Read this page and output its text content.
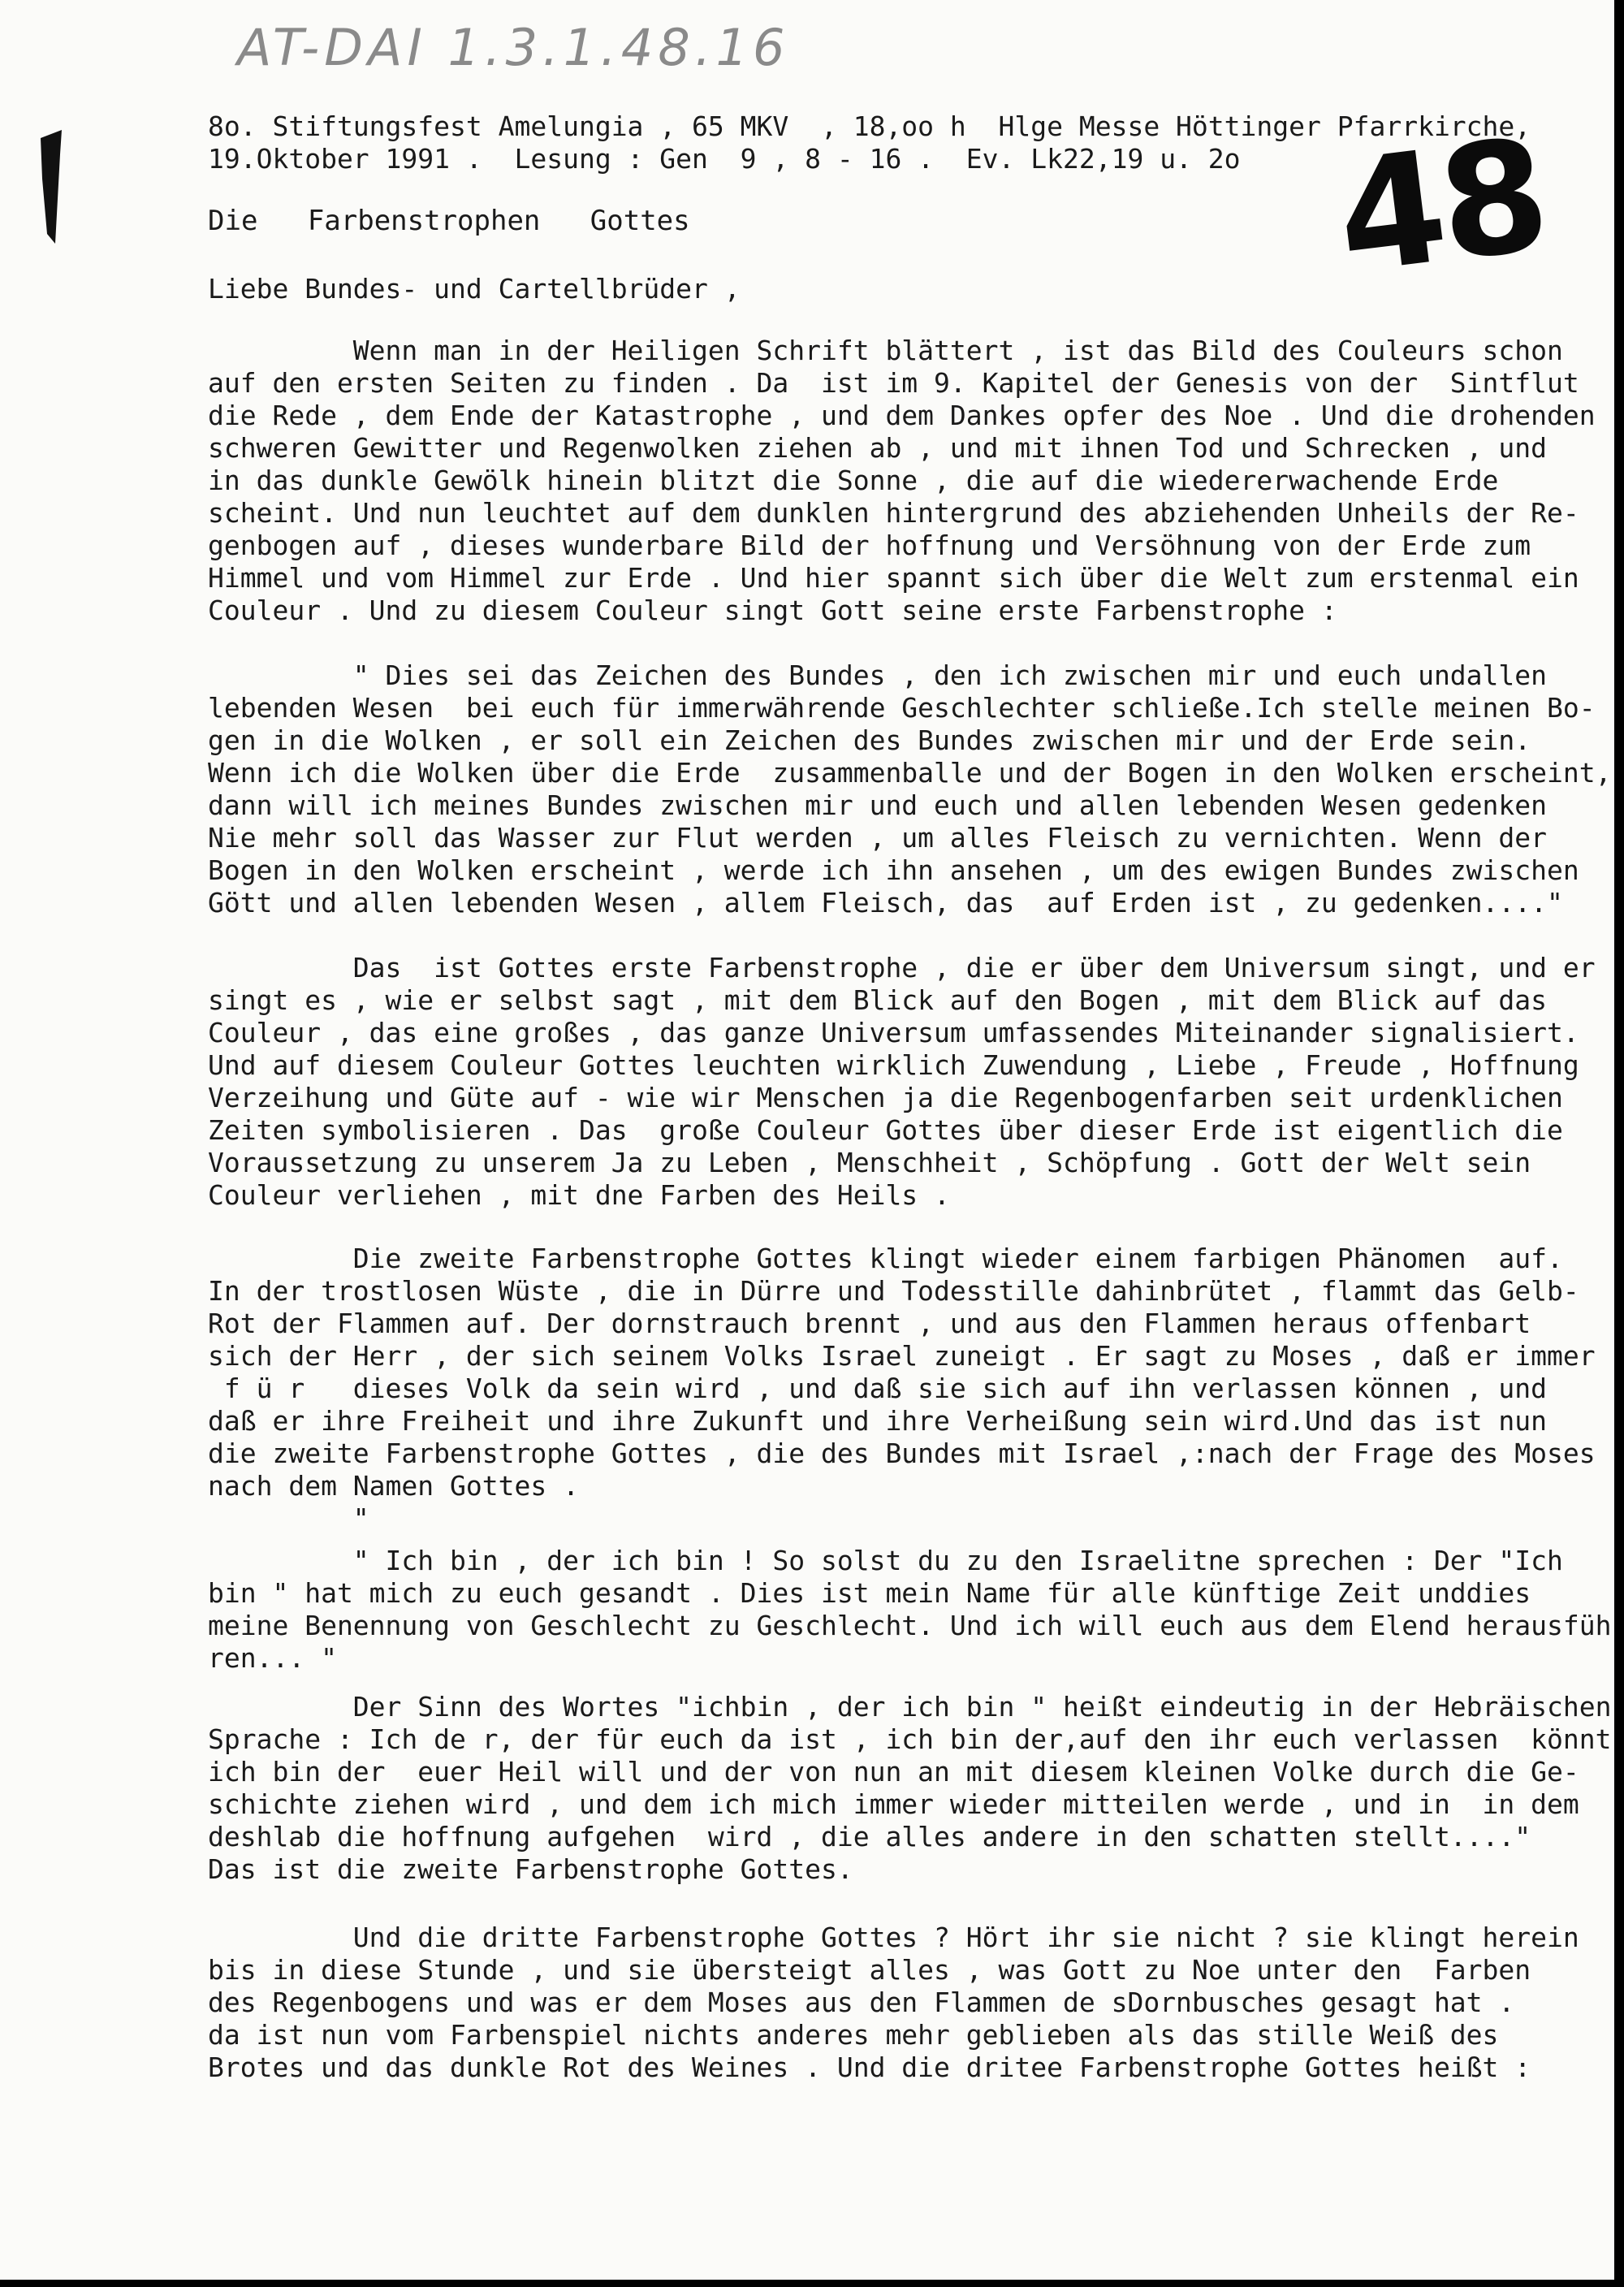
AT-DAI 1.3.1.48.16
48
8o. Stiftungsfest Amelungia , 65 MKV  , 18,oo h  Hlge Messe Höttinger Pfarrkirche,
19.Oktober 1991 .  Lesung : Gen  9 , 8 - 16 .  Ev. Lk22,19 u. 2o
Die   Farbenstrophen   Gottes
Liebe Bundes- und Cartellbrüder ,
Wenn man in der Heiligen Schrift blättert , ist das Bild des Couleurs schon
auf den ersten Seiten zu finden . Da  ist im 9. Kapitel der Genesis von der  Sintflut
die Rede , dem Ende der Katastrophe , und dem Dankes opfer des Noe . Und die drohenden
schweren Gewitter und Regenwolken ziehen ab , und mit ihnen Tod und Schrecken , und
in das dunkle Gewölk hinein blitzt die Sonne , die auf die wiedererwachende Erde
scheint. Und nun leuchtet auf dem dunklen hintergrund des abziehenden Unheils der Re-
genbogen auf , dieses wunderbare Bild der hoffnung und Versöhnung von der Erde zum
Himmel und vom Himmel zur Erde . Und hier spannt sich über die Welt zum erstenmal ein
Couleur . Und zu diesem Couleur singt Gott seine erste Farbenstrophe :
" Dies sei das Zeichen des Bundes , den ich zwischen mir und euch undallen
lebenden Wesen  bei euch für immerwährende Geschlechter schließe.Ich stelle meinen Bo-
gen in die Wolken , er soll ein Zeichen des Bundes zwischen mir und der Erde sein.
Wenn ich die Wolken über die Erde  zusammenballe und der Bogen in den Wolken erscheint,
dann will ich meines Bundes zwischen mir und euch und allen lebenden Wesen gedenken
Nie mehr soll das Wasser zur Flut werden , um alles Fleisch zu vernichten. Wenn der
Bogen in den Wolken erscheint , werde ich ihn ansehen , um des ewigen Bundes zwischen
Gött und allen lebenden Wesen , allem Fleisch, das  auf Erden ist , zu gedenken...."
Das  ist Gottes erste Farbenstrophe , die er über dem Universum singt, und er
singt es , wie er selbst sagt , mit dem Blick auf den Bogen , mit dem Blick auf das
Couleur , das eine großes , das ganze Universum umfassendes Miteinander signalisiert.
Und auf diesem Couleur Gottes leuchten wirklich Zuwendung , Liebe , Freude , Hoffnung
Verzeihung und Güte auf - wie wir Menschen ja die Regenbogenfarben seit urdenklichen
Zeiten symbolisieren . Das  große Couleur Gottes über dieser Erde ist eigentlich die
Voraussetzung zu unserem Ja zu Leben , Menschheit , Schöpfung . Gott der Welt sein
Couleur verliehen , mit dne Farben des Heils .
Die zweite Farbenstrophe Gottes klingt wieder einem farbigen Phänomen  auf.
In der trostlosen Wüste , die in Dürre und Todesstille dahinbrütet , flammt das Gelb-
Rot der Flammen auf. Der dornstrauch brennt , und aus den Flammen heraus offenbart
sich der Herr , der sich seinem Volks Israel zuneigt . Er sagt zu Moses , daß er immer
f ü r   dieses Volk da sein wird , und daß sie sich auf ihn verlassen können , und
daß er ihre Freiheit und ihre Zukunft und ihre Verheißung sein wird.Und das ist nun
die zweite Farbenstrophe Gottes , die des Bundes mit Israel ,:nach der Frage des Moses
nach dem Namen Gottes .
"
" Ich bin , der ich bin ! So solst du zu den Israelitne sprechen : Der "Ich
bin " hat mich zu euch gesandt . Dies ist mein Name für alle künftige Zeit unddies
meine Benennung von Geschlecht zu Geschlecht. Und ich will euch aus dem Elend herausfüh
ren... "
Der Sinn des Wortes "ichbin , der ich bin " heißt eindeutig in der Hebräischen
Sprache : Ich de r, der für euch da ist , ich bin der,auf den ihr euch verlassen  könnt
ich bin der  euer Heil will und der von nun an mit diesem kleinen Volke durch die Ge-
schichte ziehen wird , und dem ich mich immer wieder mitteilen werde , und in  in dem
deshlab die hoffnung aufgehen  wird , die alles andere in den schatten stellt...."
Das ist die zweite Farbenstrophe Gottes.
Und die dritte Farbenstrophe Gottes ? Hört ihr sie nicht ? sie klingt herein
bis in diese Stunde , und sie übersteigt alles , was Gott zu Noe unter den  Farben
des Regenbogens und was er dem Moses aus den Flammen de sDornbusches gesagt hat .
da ist nun vom Farbenspiel nichts anderes mehr geblieben als das stille Weiß des
Brotes und das dunkle Rot des Weines . Und die dritee Farbenstrophe Gottes heißt :
